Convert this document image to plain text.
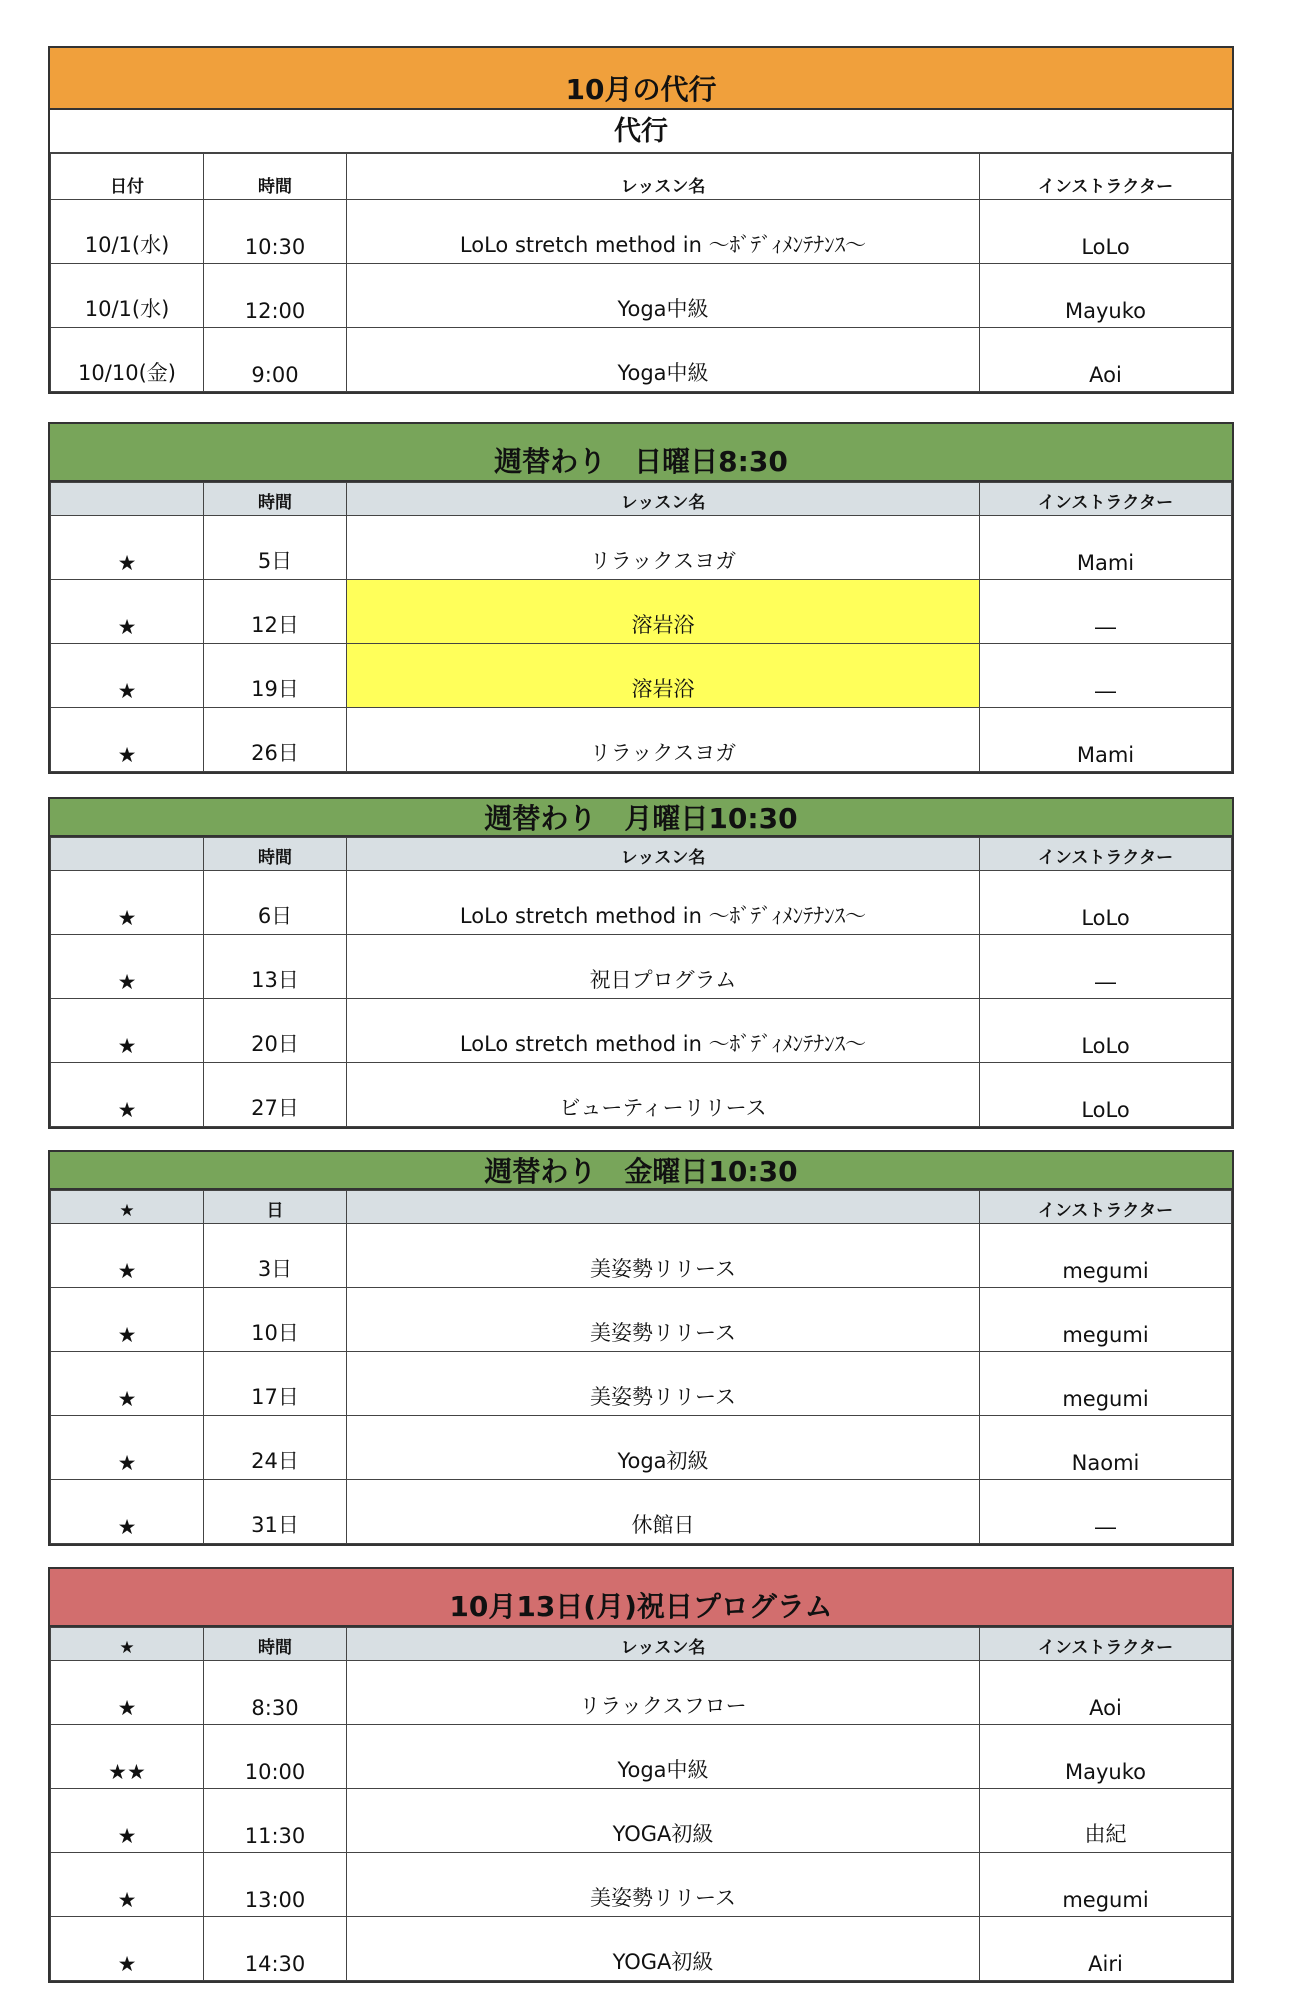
10月の代行
代行
日付	時間	レッスン名	インストラクター
10/1(水)	10:30	LoLo stretch method in ～ﾎﾞﾃﾞｨﾒﾝﾃﾅﾝｽ～	LoLo
10/1(水)	12:00	Yoga中級	Mayuko
10/10(金)	9:00	Yoga中級	Aoi
週替わり　日曜日8:30
	時間	レッスン名	インストラクター
★	5日	リラックスヨガ	Mami
★	12日	溶岩浴	―
★	19日	溶岩浴	―
★	26日	リラックスヨガ	Mami
週替わり　月曜日10:30
	時間	レッスン名	インストラクター
★	6日	LoLo stretch method in ～ﾎﾞﾃﾞｨﾒﾝﾃﾅﾝｽ～	LoLo
★	13日	祝日プログラム	―
★	20日	LoLo stretch method in ～ﾎﾞﾃﾞｨﾒﾝﾃﾅﾝｽ～	LoLo
★	27日	ビューティーリリース	LoLo
週替わり　金曜日10:30
★	日		インストラクター
★	3日	美姿勢リリース	megumi
★	10日	美姿勢リリース	megumi
★	17日	美姿勢リリース	megumi
★	24日	Yoga初級	Naomi
★	31日	休館日	―
10月13日(月)祝日プログラム
★	時間	レッスン名	インストラクター
★	8:30	リラックスフロー	Aoi
★★	10:00	Yoga中級	Mayuko
★	11:30	YOGA初級	由紀
★	13:00	美姿勢リリース	megumi
★	14:30	YOGA初級	Airi
